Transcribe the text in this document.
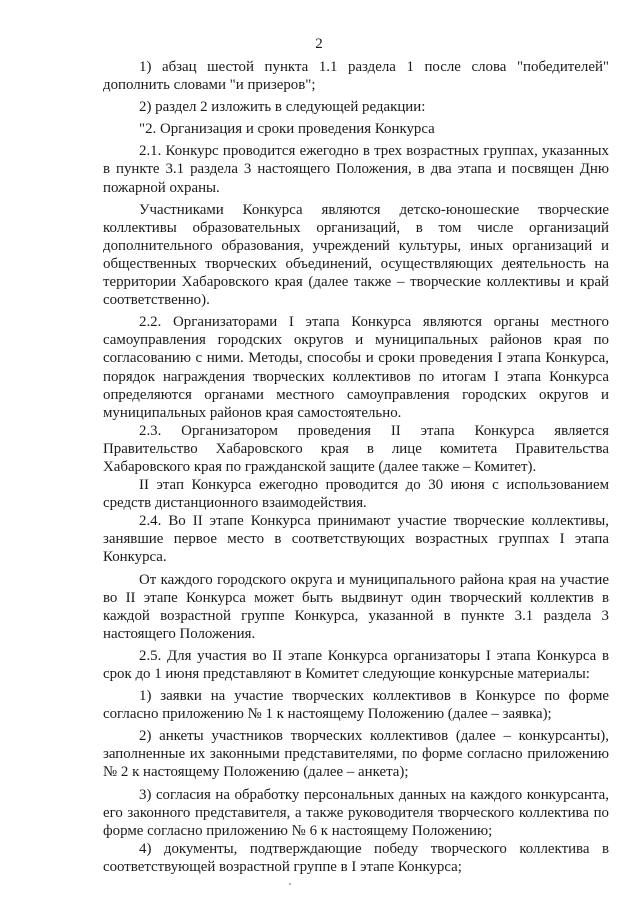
2

1) абзац шестой пункта 1.1 раздела 1 после слова "победителей" дополнить словами "и призеров";

2) раздел 2 изложить в следующей редакции:

"2. Организация и сроки проведения Конкурса

2.1. Конкурс проводится ежегодно в трех возрастных группах, указанных в пункте 3.1 раздела 3 настоящего Положения, в два этапа и посвящен Дню пожарной охраны.

Участниками Конкурса являются детско-юношеские творческие коллективы образовательных организаций, в том числе организаций дополнительного образования, учреждений культуры, иных организаций и общественных творческих объединений, осуществляющих деятельность на территории Хабаровского края (далее также – творческие коллективы и край соответственно).

2.2. Организаторами I этапа Конкурса являются органы местного самоуправления городских округов и муниципальных районов края по согласованию с ними. Методы, способы и сроки проведения I этапа Конкурса, порядок награждения творческих коллективов по итогам I этапа Конкурса определяются органами местного самоуправления городских округов и муниципальных районов края самостоятельно.

2.3. Организатором проведения II этапа Конкурса является Правительство Хабаровского края в лице комитета Правительства Хабаровского края по гражданской защите (далее также – Комитет).

II этап Конкурса ежегодно проводится до 30 июня с использованием средств дистанционного взаимодействия.

2.4. Во II этапе Конкурса принимают участие творческие коллективы, занявшие первое место в соответствующих возрастных группах I этапа Конкурса.

От каждого городского округа и муниципального района края на участие во II этапе Конкурса может быть выдвинут один творческий коллектив в каждой возрастной группе Конкурса, указанной в пункте 3.1 раздела 3 настоящего Положения.

2.5. Для участия во II этапе Конкурса организаторы I этапа Конкурса в срок до 1 июня представляют в Комитет следующие конкурсные материалы:

1) заявки на участие творческих коллективов в Конкурсе по форме согласно приложению № 1 к настоящему Положению (далее – заявка);

2) анкеты участников творческих коллективов (далее – конкурсанты), заполненные их законными представителями, по форме согласно приложению № 2 к настоящему Положению (далее – анкета);

3) согласия на обработку персональных данных на каждого конкурсанта, его законного представителя, а также руководителя творческого коллектива по форме согласно приложению № 6 к настоящему Положению;

4) документы, подтверждающие победу творческого коллектива в соответствующей возрастной группе в I этапе Конкурса;
